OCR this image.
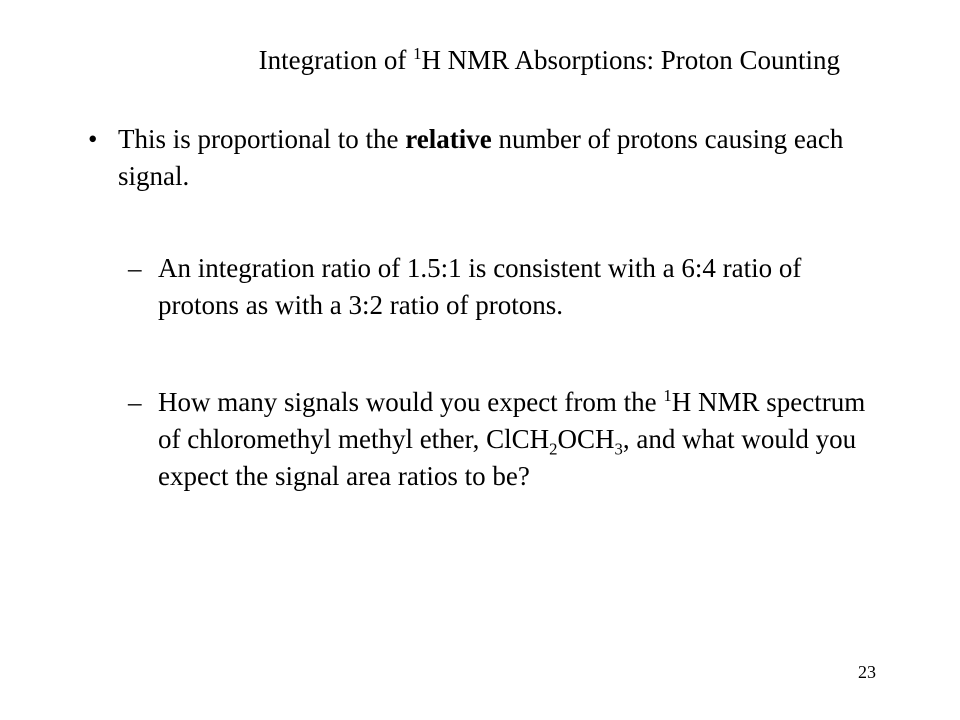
Integration of $^1$H NMR Absorptions: Proton Counting
• This is proportional to the relative number of protons causing each signal.
– An integration ratio of 1.5:1 is consistent with a 6:4 ratio of protons as with a 3:2 ratio of protons.
– How many signals would you expect from the $^1$H NMR spectrum of chloromethyl methyl ether, $ClCH_2OCH_3$, and what would you expect the signal area ratios to be?
23
